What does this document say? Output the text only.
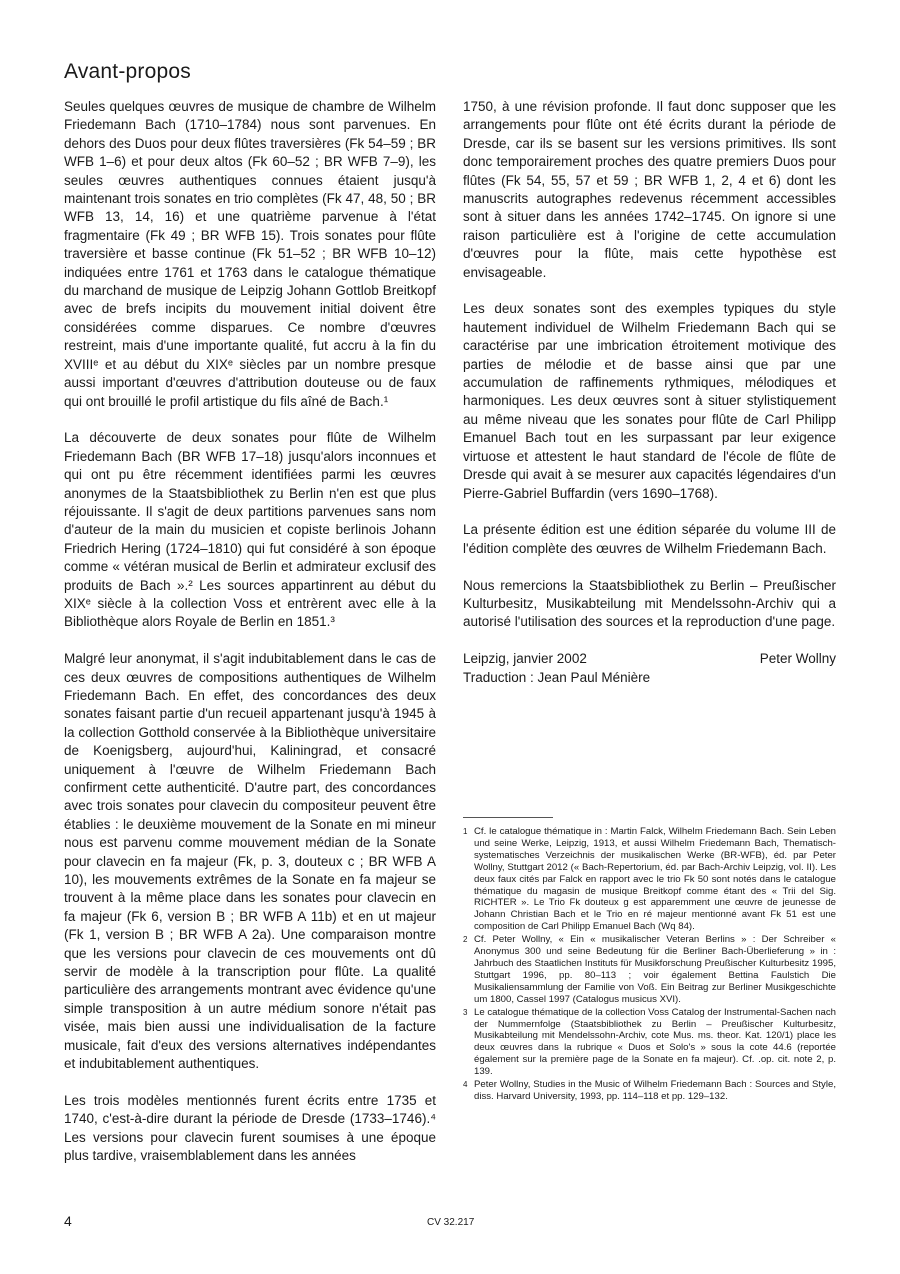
Avant-propos

Seules quelques œuvres de musique de chambre de Wilhelm Friedemann Bach (1710–1784) nous sont parvenues. En dehors des Duos pour deux flûtes traversières (Fk 54–59 ; BR WFB 1–6) et pour deux altos (Fk 60–52 ; BR WFB 7–9), les seules œuvres authentiques connues étaient jusqu'à maintenant trois sonates en trio complètes (Fk 47, 48, 50 ; BR WFB 13, 14, 16) et une quatrième parvenue à l'état fragmentaire (Fk 49 ; BR WFB 15). Trois sonates pour flûte traversière et basse continue (Fk 51–52 ; BR WFB 10–12) indiquées entre 1761 et 1763 dans le catalogue thématique du marchand de musique de Leipzig Johann Gottlob Breitkopf avec de brefs incipits du mouvement initial doivent être considérées comme disparues. Ce nombre d'œuvres restreint, mais d'une importante qualité, fut accru à la fin du XVIIIᵉ et au début du XIXᵉ siècles par un nombre presque aussi important d'œuvres d'attribution douteuse ou de faux qui ont brouillé le profil artistique du fils aîné de Bach.¹

La découverte de deux sonates pour flûte de Wilhelm Friedemann Bach (BR WFB 17–18) jusqu'alors inconnues et qui ont pu être récemment identifiées parmi les œuvres anonymes de la Staatsbibliothek zu Berlin n'en est que plus réjouissante. Il s'agit de deux partitions parvenues sans nom d'auteur de la main du musicien et copiste berlinois Johann Friedrich Hering (1724–1810) qui fut considéré à son époque comme « vétéran musical de Berlin et admirateur exclusif des produits de Bach ».² Les sources appartinrent au début du XIXᵉ siècle à la collection Voss et entrèrent avec elle à la Bibliothèque alors Royale de Berlin en 1851.³

Malgré leur anonymat, il s'agit indubitablement dans le cas de ces deux œuvres de compositions authentiques de Wilhelm Friedemann Bach. En effet, des concordances des deux sonates faisant partie d'un recueil appartenant jusqu'à 1945 à la collection Gotthold conservée à la Bibliothèque universitaire de Koenigsberg, aujourd'hui, Kaliningrad, et consacré uniquement à l'œuvre de Wilhelm Friedemann Bach confirment cette authenticité. D'autre part, des concordances avec trois sonates pour clavecin du compositeur peuvent être établies : le deuxième mouvement de la Sonate en mi mineur nous est parvenu comme mouvement médian de la Sonate pour clavecin en fa majeur (Fk, p. 3, douteux c ; BR WFB A 10), les mouvements extrêmes de la Sonate en fa majeur se trouvent à la même place dans les sonates pour clavecin en fa majeur (Fk 6, version B ; BR WFB A 11b) et en ut majeur (Fk 1, version B ; BR WFB A 2a). Une comparaison montre que les versions pour clavecin de ces mouvements ont dû servir de modèle à la transcription pour flûte. La qualité particulière des arrangements montrant avec évidence qu'une simple transposition à un autre médium sonore n'était pas visée, mais bien aussi une individualisation de la facture musicale, fait d'eux des versions alternatives indépendantes et indubitablement authentiques.

Les trois modèles mentionnés furent écrits entre 1735 et 1740, c'est-à-dire durant la période de Dresde (1733–1746).⁴ Les versions pour clavecin furent soumises à une époque plus tardive, vraisemblablement dans les années

1750, à une révision profonde. Il faut donc supposer que les arrangements pour flûte ont été écrits durant la période de Dresde, car ils se basent sur les versions primitives. Ils sont donc temporairement proches des quatre premiers Duos pour flûtes (Fk 54, 55, 57 et 59 ; BR WFB 1, 2, 4 et 6) dont les manuscrits autographes redevenus récemment accessibles sont à situer dans les années 1742–1745. On ignore si une raison particulière est à l'origine de cette accumulation d'œuvres pour la flûte, mais cette hypothèse est envisageable.

Les deux sonates sont des exemples typiques du style hautement individuel de Wilhelm Friedemann Bach qui se caractérise par une imbrication étroitement motivique des parties de mélodie et de basse ainsi que par une accumulation de raffinements rythmiques, mélodiques et harmoniques. Les deux œuvres sont à situer stylistiquement au même niveau que les sonates pour flûte de Carl Philipp Emanuel Bach tout en les surpassant par leur exigence virtuose et attestent le haut standard de l'école de flûte de Dresde qui avait à se mesurer aux capacités légendaires d'un Pierre-Gabriel Buffardin (vers 1690–1768).

La présente édition est une édition séparée du volume III de l'édition complète des œuvres de Wilhelm Friedemann Bach.

Nous remercions la Staatsbibliothek zu Berlin – Preußischer Kulturbesitz, Musikabteilung mit Mendelssohn-Archiv qui a autorisé l'utilisation des sources et la reproduction d'une page.

Leipzig, janvier 2002	Peter Wollny

Traduction : Jean Paul Ménière

1 Cf. le catalogue thématique in : Martin Falck, Wilhelm Friedemann Bach. Sein Leben und seine Werke, Leipzig, 1913, et aussi Wilhelm Friedemann Bach, Thematisch-systematisches Verzeichnis der musikalischen Werke (BR-WFB), éd. par Peter Wollny, Stuttgart 2012 (« Bach-Repertorium, éd. par Bach-Archiv Leipzig, vol. II). Les deux faux cités par Falck en rapport avec le trio Fk 50 sont notés dans le catalogue thématique du magasin de musique Breitkopf comme étant des « Trii del Sig. RICHTER ». Le Trio Fk douteux g est apparemment une œuvre de jeunesse de Johann Christian Bach et le Trio en ré majeur mentionné avant Fk 51 est une composition de Carl Philipp Emanuel Bach (Wq 84).
2 Cf. Peter Wollny, « Ein « musikalischer Veteran Berlins » : Der Schreiber « Anonymus 300 und seine Bedeutung für die Berliner Bach-Überlieferung » in : Jahrbuch des Staatlichen Instituts für Musikforschung Preußischer Kulturbesitz 1995, Stuttgart 1996, pp. 80–113 ; voir également Bettina Faulstich Die Musikaliensammlung der Familie von Voß. Ein Beitrag zur Berliner Musikgeschichte um 1800, Cassel 1997 (Catalogus musicus XVI).
3 Le catalogue thématique de la collection Voss Catalog der Instrumental-Sachen nach der Nummernfolge (Staatsbibliothek zu Berlin – Preußischer Kulturbesitz, Musikabteilung mit Mendelssohn-Archiv, cote Mus. ms. theor. Kat. 120/1) place les deux œuvres dans la rubrique « Duos et Solo's » sous la cote 44.6 (reportée également sur la première page de la Sonate en fa majeur). Cf. .op. cit. note 2, p. 139.
4 Peter Wollny, Studies in the Music of Wilhelm Friedemann Bach : Sources and Style, diss. Harvard University, 1993, pp. 114–118 et pp. 129–132.
4	CV 32.217
